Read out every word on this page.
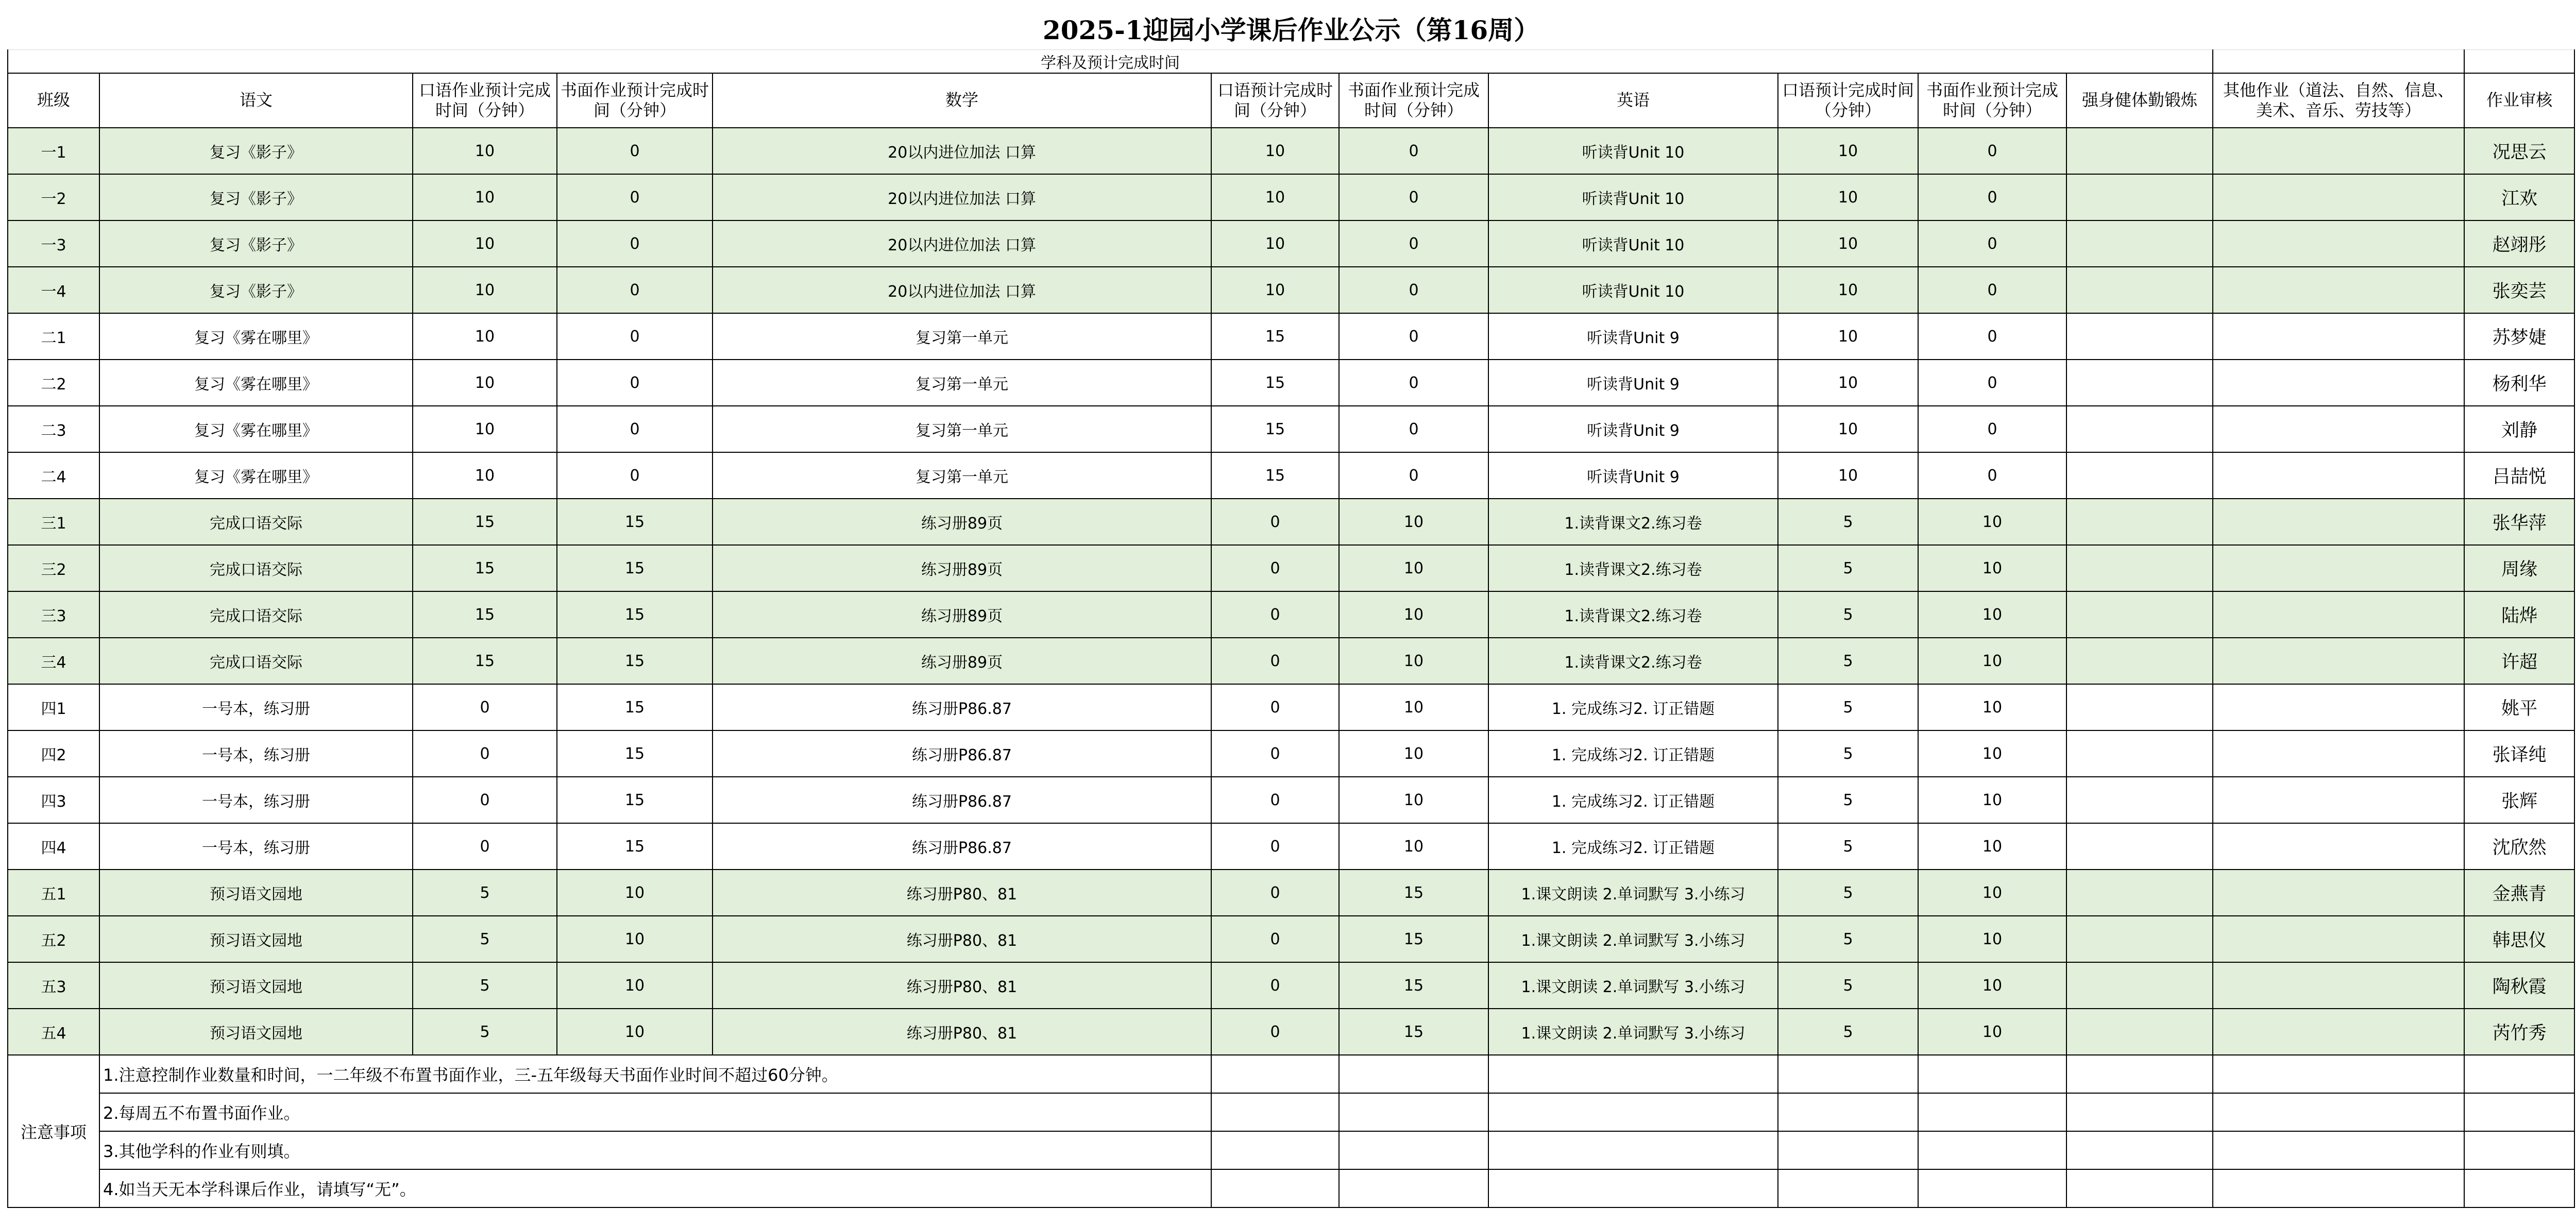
2025-1迎园小学课后作业公示（第16周）												
学科及预计完成时间												
班级	语文	口语作业预计完成时间（分钟）	书面作业预计完成时间（分钟）	数学	口语预计完成时间（分钟）	书面作业预计完成时间（分钟）	英语	口语预计完成时间（分钟）	书面作业预计完成时间（分钟）	强身健体勤锻炼	其他作业（道法、自然、信息、美术、音乐、劳技等）	作业审核
一1	复习《影子》	10	0	20以内进位加法 口算	10	0	听读背Unit 10	10	0			况思云
一2	复习《影子》	10	0	20以内进位加法 口算	10	0	听读背Unit 10	10	0			江欢
一3	复习《影子》	10	0	20以内进位加法 口算	10	0	听读背Unit 10	10	0			赵翊彤
一4	复习《影子》	10	0	20以内进位加法 口算	10	0	听读背Unit 10	10	0			张奕芸
二1	复习《雾在哪里》	10	0	复习第一单元	15	0	听读背Unit 9	10	0			苏梦婕
二2	复习《雾在哪里》	10	0	复习第一单元	15	0	听读背Unit 9	10	0			杨利华
二3	复习《雾在哪里》	10	0	复习第一单元	15	0	听读背Unit 9	10	0			刘静
二4	复习《雾在哪里》	10	0	复习第一单元	15	0	听读背Unit 9	10	0			吕喆悦
三1	完成口语交际	15	15	练习册89页	0	10	1.读背课文2.练习卷	5	10			张华萍
三2	完成口语交际	15	15	练习册89页	0	10	1.读背课文2.练习卷	5	10			周缘
三3	完成口语交际	15	15	练习册89页	0	10	1.读背课文2.练习卷	5	10			陆烨
三4	完成口语交际	15	15	练习册89页	0	10	1.读背课文2.练习卷	5	10			许超
四1	一号本，练习册	0	15	练习册P86.87	0	10	1. 完成练习2. 订正错题	5	10			姚平
四2	一号本，练习册	0	15	练习册P86.87	0	10	1. 完成练习2. 订正错题	5	10			张译纯
四3	一号本，练习册	0	15	练习册P86.87	0	10	1. 完成练习2. 订正错题	5	10			张辉
四4	一号本，练习册	0	15	练习册P86.87	0	10	1. 完成练习2. 订正错题	5	10			沈欣然
五1	预习语文园地	5	10	练习册P80、81	0	15	1.课文朗读 2.单词默写 3.小练习	5	10			金燕青
五2	预习语文园地	5	10	练习册P80、81	0	15	1.课文朗读 2.单词默写 3.小练习	5	10			韩思仪
五3	预习语文园地	5	10	练习册P80、81	0	15	1.课文朗读 2.单词默写 3.小练习	5	10			陶秋霞
五4	预习语文园地	5	10	练习册P80、81	0	15	1.课文朗读 2.单词默写 3.小练习	5	10			芮竹秀
注意事项	1.注意控制作业数量和时间，一二年级不布置书面作业，三-五年级每天书面作业时间不超过60分钟。											
	2.每周五不布置书面作业。											
	3.其他学科的作业有则填。											
	4.如当天无本学科课后作业，请填写“无”。											
